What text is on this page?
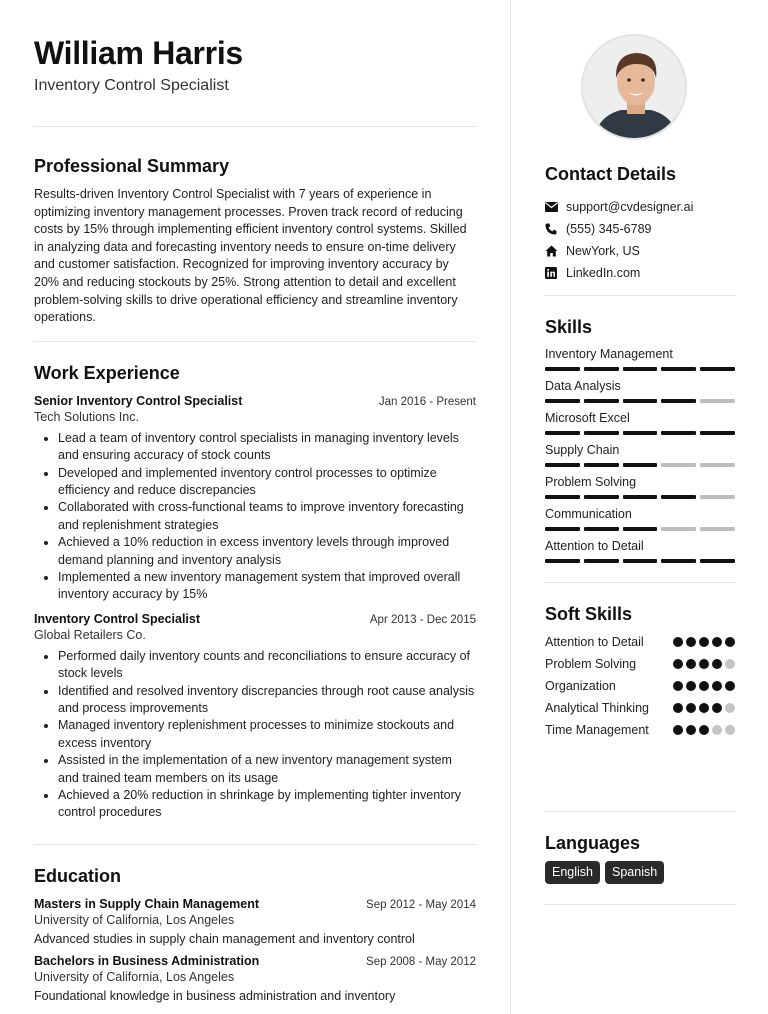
William Harris
Inventory Control Specialist
Professional Summary
Results-driven Inventory Control Specialist with 7 years of experience in optimizing inventory management processes. Proven track record of reducing costs by 15% through implementing efficient inventory control systems. Skilled in analyzing data and forecasting inventory needs to ensure on-time delivery and customer satisfaction. Recognized for improving inventory accuracy by 20% and reducing stockouts by 25%. Strong attention to detail and excellent problem-solving skills to drive operational efficiency and streamline inventory operations.
Work Experience
Senior Inventory Control Specialist	Jan 2016 - Present
Tech Solutions Inc.
• Lead a team of inventory control specialists in managing inventory levels and ensuring accuracy of stock counts
• Developed and implemented inventory control processes to optimize efficiency and reduce discrepancies
• Collaborated with cross-functional teams to improve inventory forecasting and replenishment strategies
• Achieved a 10% reduction in excess inventory levels through improved demand planning and inventory analysis
• Implemented a new inventory management system that improved overall inventory accuracy by 15%
Inventory Control Specialist	Apr 2013 - Dec 2015
Global Retailers Co.
• Performed daily inventory counts and reconciliations to ensure accuracy of stock levels
• Identified and resolved inventory discrepancies through root cause analysis and process improvements
• Managed inventory replenishment processes to minimize stockouts and excess inventory
• Assisted in the implementation of a new inventory management system and trained team members on its usage
• Achieved a 20% reduction in shrinkage by implementing tighter inventory control procedures
Education
Masters in Supply Chain Management	Sep 2012 - May 2014
University of California, Los Angeles
Advanced studies in supply chain management and inventory control
Bachelors in Business Administration	Sep 2008 - May 2012
University of California, Los Angeles
Foundational knowledge in business administration and inventory
Contact Details
support@cvdesigner.ai
(555) 345-6789
NewYork, US
LinkedIn.com
Skills
Inventory Management
Data Analysis
Microsoft Excel
Supply Chain
Problem Solving
Communication
Attention to Detail
Soft Skills
Attention to Detail
Problem Solving
Organization
Analytical Thinking
Time Management
Languages
English	Spanish
